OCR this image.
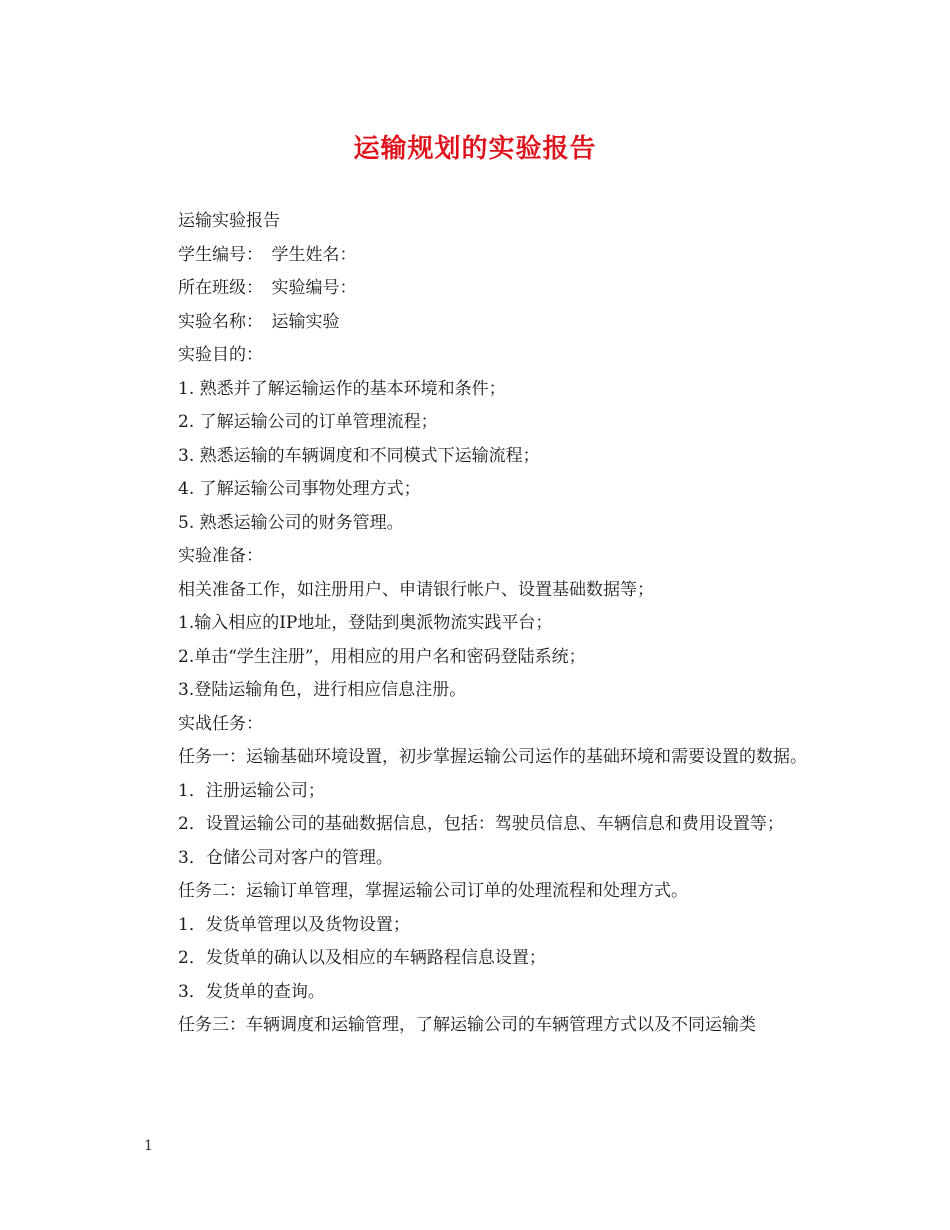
运输规划的实验报告

运输实验报告

学生编号：　学生姓名：

所在班级：　实验编号：

实验名称：　运输实验

实验目的：

1. 熟悉并了解运输运作的基本环境和条件；

2. 了解运输公司的订单管理流程；

3. 熟悉运输的车辆调度和不同模式下运输流程；

4. 了解运输公司事物处理方式；

5. 熟悉运输公司的财务管理。

实验准备：

相关准备工作，如注册用户、申请银行帐户、设置基础数据等；

1.输入相应的IP地址，登陆到奥派物流实践平台；

2.单击“学生注册”，用相应的用户名和密码登陆系统；

3.登陆运输角色，进行相应信息注册。

实战任务：

任务一：运输基础环境设置，初步掌握运输公司运作的基础环境和需要设置的数据。

1．注册运输公司；

2．设置运输公司的基础数据信息，包括：驾驶员信息、车辆信息和费用设置等；

3．仓储公司对客户的管理。

任务二：运输订单管理，掌握运输公司订单的处理流程和处理方式。

1．发货单管理以及货物设置；

2．发货单的确认以及相应的车辆路程信息设置；

3．发货单的查询。

任务三：车辆调度和运输管理，了解运输公司的车辆管理方式以及不同运输类

1
